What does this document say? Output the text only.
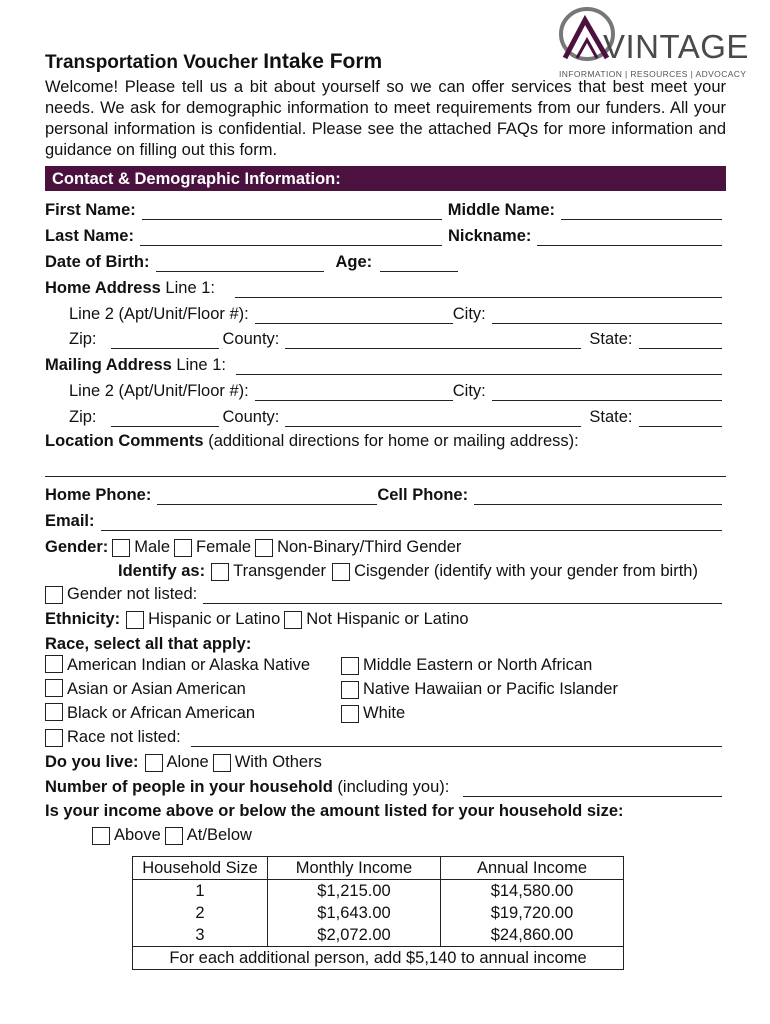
VINTAGE
INFORMATION | RESOURCES | ADVOCACY
Transportation Voucher Intake Form
Welcome! Please tell us a bit about yourself so we can offer services that best meet your needs. We ask for demographic information to meet requirements from our funders. All your personal information is confidential. Please see the attached FAQs for more information and guidance on filling out this form.
Contact & Demographic Information:
First Name:	Middle Name:
Last Name:	Nickname:
Date of Birth:	Age:
Home Address Line 1:
Line 2 (Apt/Unit/Floor #):	City:
Zip:	County:	State:
Mailing Address Line 1:
Line 2 (Apt/Unit/Floor #):	City:
Zip:	County:	State:
Location Comments (additional directions for home or mailing address):
Home Phone:	Cell Phone:
Email:
Gender: Male Female Non-Binary/Third Gender
Identify as: Transgender Cisgender (identify with your gender from birth)
Gender not listed:
Ethnicity: Hispanic or Latino Not Hispanic or Latino
Race, select all that apply:
American Indian or Alaska Native	Middle Eastern or North African
Asian or Asian American	Native Hawaiian or Pacific Islander
Black or African American	White
Race not listed:
Do you live: Alone With Others
Number of people in your household (including you):
Is your income above or below the amount listed for your household size:
Above At/Below
Household Size	Monthly Income	Annual Income
1	$1,215.00	$14,580.00
2	$1,643.00	$19,720.00
3	$2,072.00	$24,860.00
For each additional person, add $5,140 to annual income		
